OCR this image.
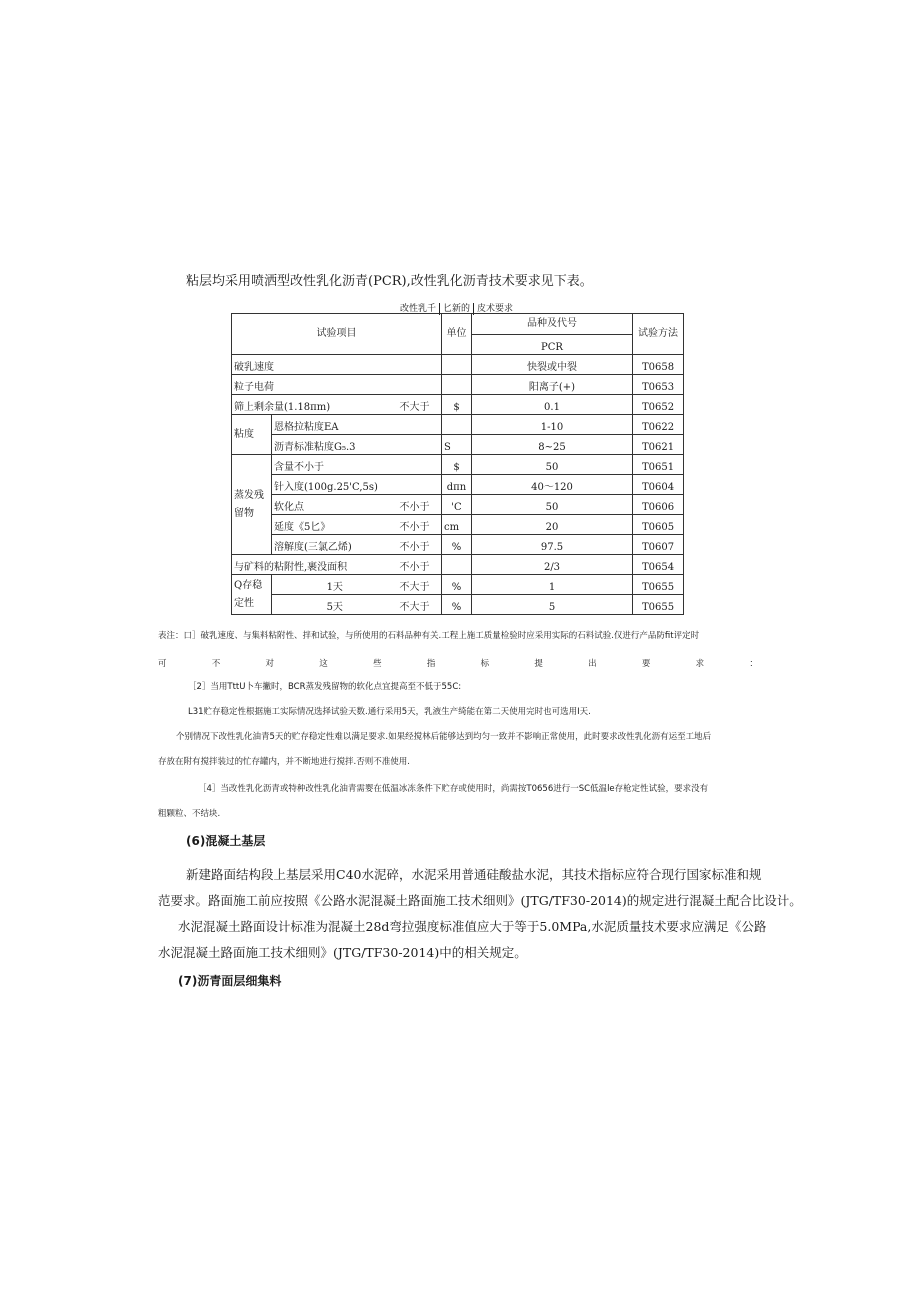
粘层均采用喷洒型改性乳化沥青(PCR),改性乳化沥青技术要求见下表。
改性乳千 匕新的 皮术要求
试验项目			单位	品种及代号	试验方法
				PCR	
破乳速度				快裂或中裂	T0658
粒子电荷				阳离子(+)	T0653
筛上剩余量(1.18πm)		不大于	$	0.1	T0652
粘度	恩格拉粘度EA			1-10	T0622
	沥青标准粘度G₅.3		S	8~25	T0621

蒸发残
留物	含量不小于		$	50	T0651
	针入度(100g.25'C,5s)		dπn	40～120	T0604
	软化点	不小于	'C	50	T0606
	延度《5匕》	不小于	cm	20	T0605
	溶解度(三氯乙烯)	不小于	%	97.5	T0607
与矿料的粘附性,裹没面积		不小于		2/3	T0654

Q存稳
定性	1天	不大于	%	1	T0655
	5天	不大于	%	5	T0655
表注：口］破乳速度、与集料粘附性、拌和试验，与所使用的石料品种有关.工程上施工质量检验时应采用实际的石料试验.仅进行产品防fit评定时
可	不	对	这	些	指	标	提	出	要	求	：
［2］当用TttU卜车撇时，BCR蒸发残留物的软化点宜提高至不低于55C:
L31贮存稳定性根据施工实际情况选择试验天数.通行采用5天，乳液生产绮能在第二天使用完时也可选用I天.
个别情况下改性乳化油青5天的贮存稳定性难以满足要求.如果经搅林后能够达到均匀一致并不影响正常使用，此时要求改性乳化沥有运至工地后
存放在附有搅拌装过的忙存罐内，并不断地进行搅拌.否则不准使用.
［4］当改性乳化沥青或特种改性乳化油青需婴在低温冰冻条件下贮存或使用时，尚需按T0656进行一SC低温le存枪定性试验，要求没有
粗颗粒、不结块.
(6)混凝土基层
新建路面结构段上基层采用C40水泥碎，水泥采用普通硅酸盐水泥，其技术指标应符合现行国家标准和规
范要求。路面施工前应按照《公路水泥混凝土路面施工技术细则》(JTG/TF30-2014)的规定进行混凝土配合比设计。
水泥混凝土路面设计标准为混凝土28d弯拉强度标准值应大于等于5.0MPa,水泥质量技术要求应满足《公路
水泥混凝土路面施工技术细则》(JTG/TF30-2014)中的相关规定。
(7)沥青面层细集料
